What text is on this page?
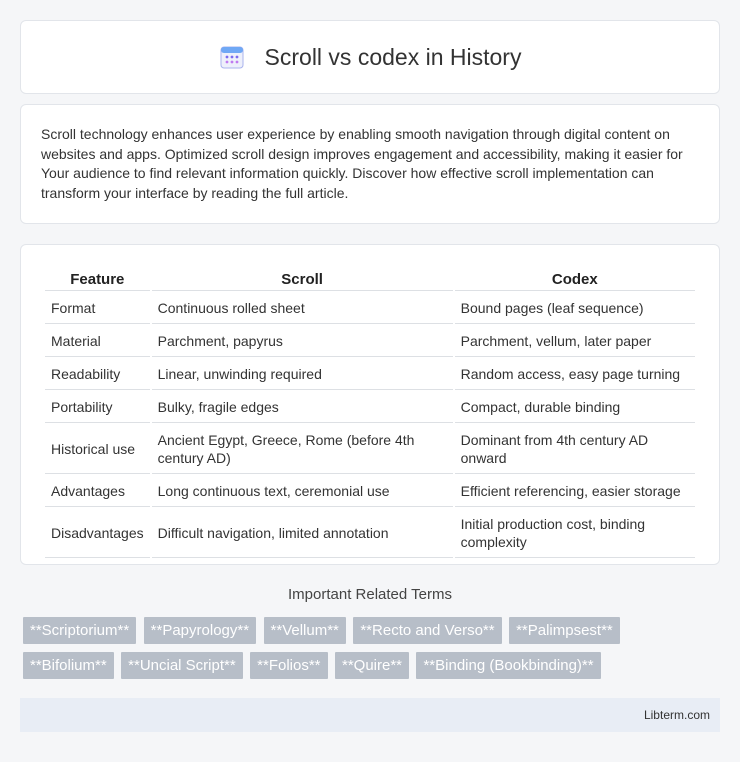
Scroll vs codex in History

Scroll technology enhances user experience by enabling smooth navigation through digital content on websites and apps. Optimized scroll design improves engagement and accessibility, making it easier for Your audience to find relevant information quickly. Discover how effective scroll implementation can transform your interface by reading the full article.

Feature	Scroll	Codex
Format	Continuous rolled sheet	Bound pages (leaf sequence)
Material	Parchment, papyrus	Parchment, vellum, later paper
Readability	Linear, unwinding required	Random access, easy page turning
Portability	Bulky, fragile edges	Compact, durable binding
Historical use	Ancient Egypt, Greece, Rome (before 4th century AD)	Dominant from 4th century AD onward
Advantages	Long continuous text, ceremonial use	Efficient referencing, easier storage
Disadvantages	Difficult navigation, limited annotation	Initial production cost, binding complexity
Important Related Terms
**Scriptorium** **Papyrology** **Vellum** **Recto and Verso** **Palimpsest** **Bifolium** **Uncial Script** **Folios** **Quire** **Binding (Bookbinding)**
Libterm.com
